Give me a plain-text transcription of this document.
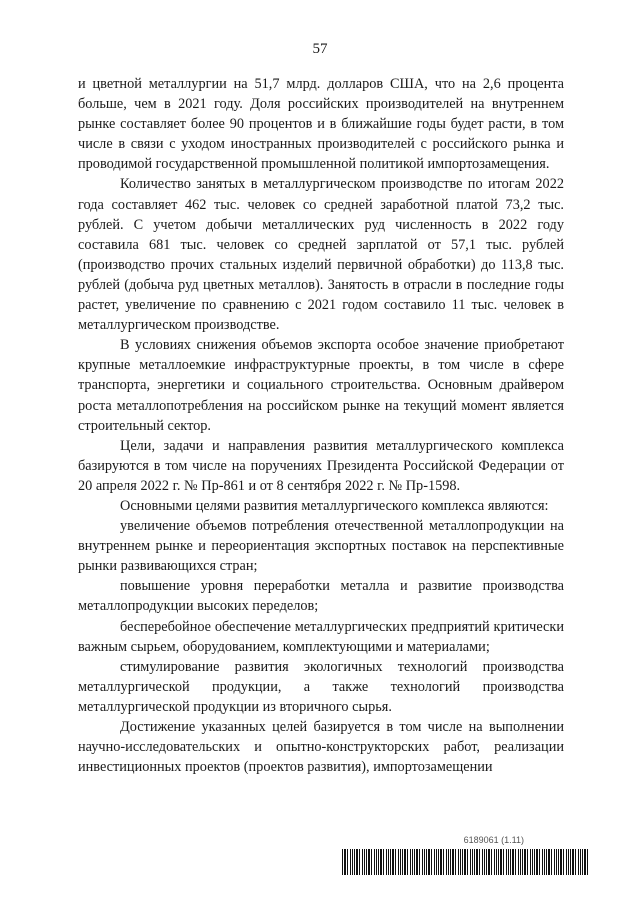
57

и цветной металлургии на 51,7 млрд. долларов США, что на 2,6 процента больше, чем в 2021 году. Доля российских производителей на внутреннем рынке составляет более 90 процентов и в ближайшие годы будет расти, в том числе в связи с уходом иностранных производителей с российского рынка и проводимой государственной промышленной политикой импортозамещения.

Количество занятых в металлургическом производстве по итогам 2022 года составляет 462 тыс. человек со средней заработной платой 73,2 тыс. рублей. С учетом добычи металлических руд численность в 2022 году составила 681 тыс. человек со средней зарплатой от 57,1 тыс. рублей (производство прочих стальных изделий первичной обработки) до 113,8 тыс. рублей (добыча руд цветных металлов). Занятость в отрасли в последние годы растет, увеличение по сравнению с 2021 годом составило 11 тыс. человек в металлургическом производстве.

В условиях снижения объемов экспорта особое значение приобретают крупные металлоемкие инфраструктурные проекты, в том числе в сфере транспорта, энергетики и социального строительства. Основным драйвером роста металлопотребления на российском рынке на текущий момент является строительный сектор.

Цели, задачи и направления развития металлургического комплекса базируются в том числе на поручениях Президента Российской Федерации от 20 апреля 2022 г. № Пр-861 и от 8 сентября 2022 г. № Пр-1598.

Основными целями развития металлургического комплекса являются:

увеличение объемов потребления отечественной металлопродукции на внутреннем рынке и переориентация экспортных поставок на перспективные рынки развивающихся стран;

повышение уровня переработки металла и развитие производства металлопродукции высоких переделов;

бесперебойное обеспечение металлургических предприятий критически важным сырьем, оборудованием, комплектующими и материалами;

стимулирование развития экологичных технологий производства металлургической продукции, а также технологий производства металлургической продукции из вторичного сырья.

Достижение указанных целей базируется в том числе на выполнении научно-исследовательских и опытно-конструкторских работ, реализации инвестиционных проектов (проектов развития), импортозамещении

6189061 (1.11)
